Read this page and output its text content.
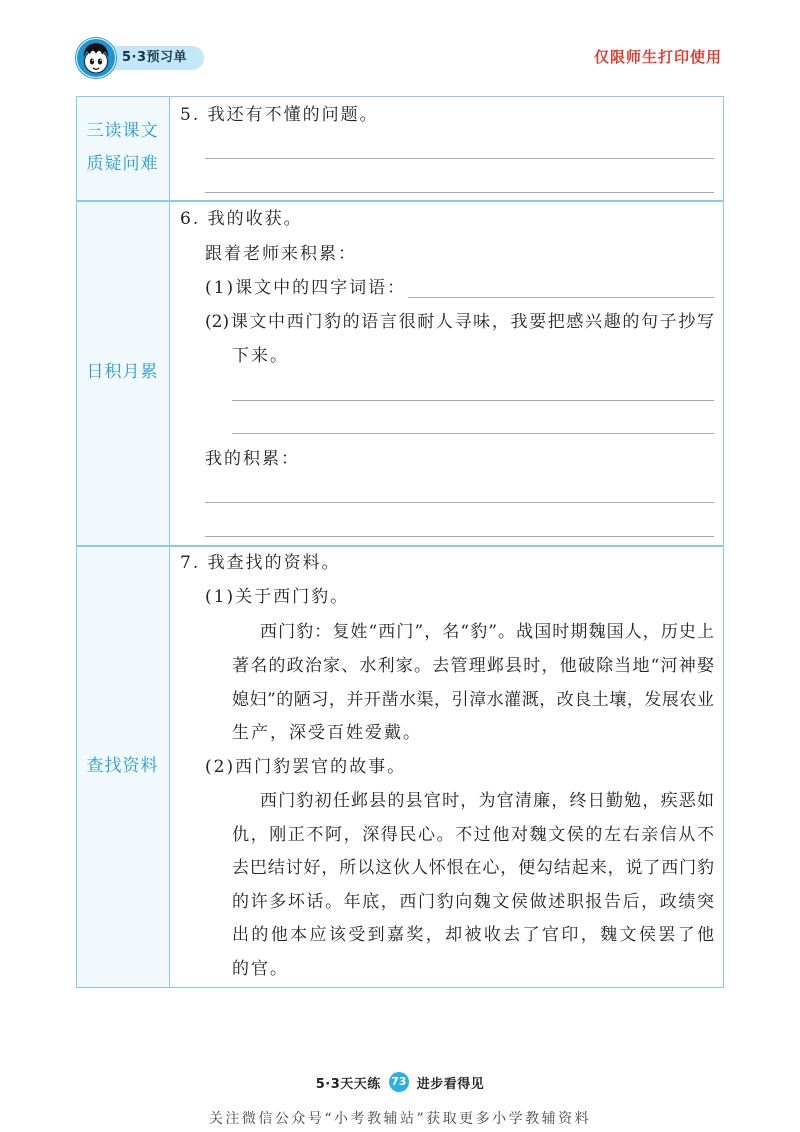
5·3预习单	仅限师生打印使用
三读课文
质疑问难
5. 我还有不懂的问题。
日积月累
6. 我的收获。
跟着老师来积累：
(1)课文中的四字词语：
(2)课文中西门豹的语言很耐人寻味，我要把感兴趣的句子抄写
下来。
我的积累：
查找资料
7. 我查找的资料。
(1)关于西门豹。
西门豹：复姓“西门”，名“豹”。战国时期魏国人，历史上
著名的政治家、水利家。去管理邺县时，他破除当地“河神娶
媳妇”的陋习，并开凿水渠，引漳水灌溉，改良土壤，发展农业
生产，深受百姓爱戴。
(2)西门豹罢官的故事。
西门豹初任邺县的县官时，为官清廉，终日勤勉，疾恶如
仇，刚正不阿，深得民心。不过他对魏文侯的左右亲信从不
去巴结讨好，所以这伙人怀恨在心，便勾结起来，说了西门豹
的许多坏话。年底，西门豹向魏文侯做述职报告后，政绩突
出的他本应该受到嘉奖，却被收去了官印，魏文侯罢了他
的官。
5·3天天练 73 进步看得见
关注微信公众号“小考教辅站”获取更多小学教辅资料
